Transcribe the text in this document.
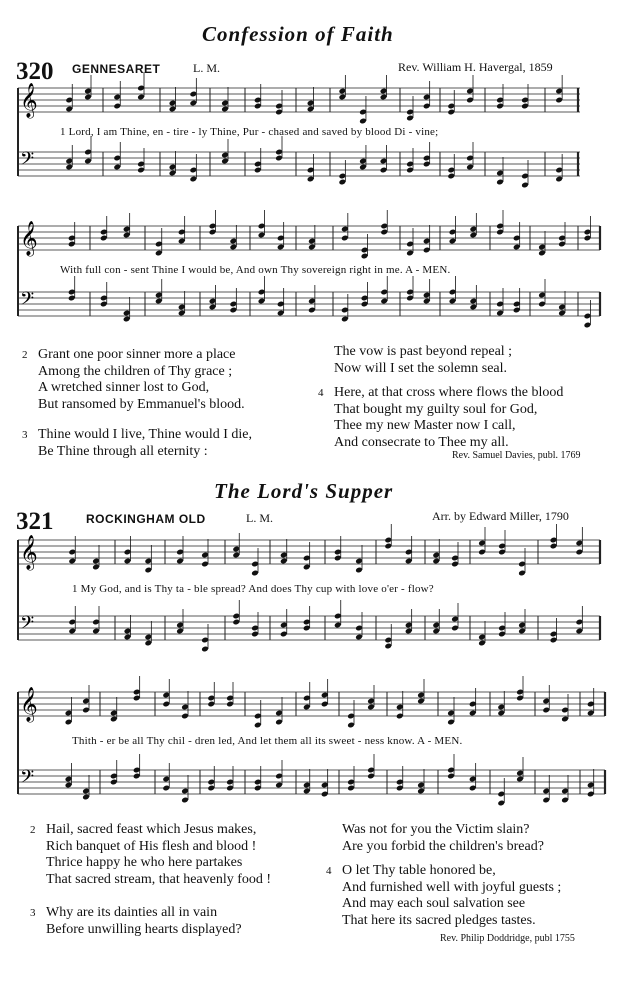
Confession of Faith
320 GENNESARET	L. M.	Rev. William H. Havergal, 1859
1 Lord, I am Thine, en - tire - ly Thine, Pur - chased and saved by blood Di - vine;
With full con - sent Thine I would be, And own Thy sovereign right in me. A - MEN.
2 Grant one poor sinner more a place
Among the children of Thy grace ;
A wretched sinner lost to God,
But ransomed by Emmanuel's blood.
3 Thine would I live, Thine would I die,
Be Thine through all eternity :
The vow is past beyond repeal ;
Now will I set the solemn seal.
4 Here, at that cross where flows the blood
That bought my guilty soul for God,
Thee my new Master now I call,
And consecrate to Thee my all.
Rev. Samuel Davies, publ. 1769
The Lord's Supper
321	ROCKINGHAM OLD	L. M.	Arr. by Edward Miller, 1790
1 My God, and is Thy ta - ble spread? And does Thy cup with love o'er - flow?
Thith - er be all Thy chil - dren led, And let them all its sweet - ness know. A - MEN.
2 Hail, sacred feast which Jesus makes,
Rich banquet of His flesh and blood !
Thrice happy he who here partakes
That sacred stream, that heavenly food !
3 Why are its dainties all in vain
Before unwilling hearts displayed?
Was not for you the Victim slain?
Are you forbid the children's bread?
4 O let Thy table honored be,
And furnished well with joyful guests ;
And may each soul salvation see
That here its sacred pledges tastes.
Rev. Philip Doddridge, publ 1755
𝄞
𝄢
𝄞
𝄢
𝄞
𝄢
𝄞
𝄢
